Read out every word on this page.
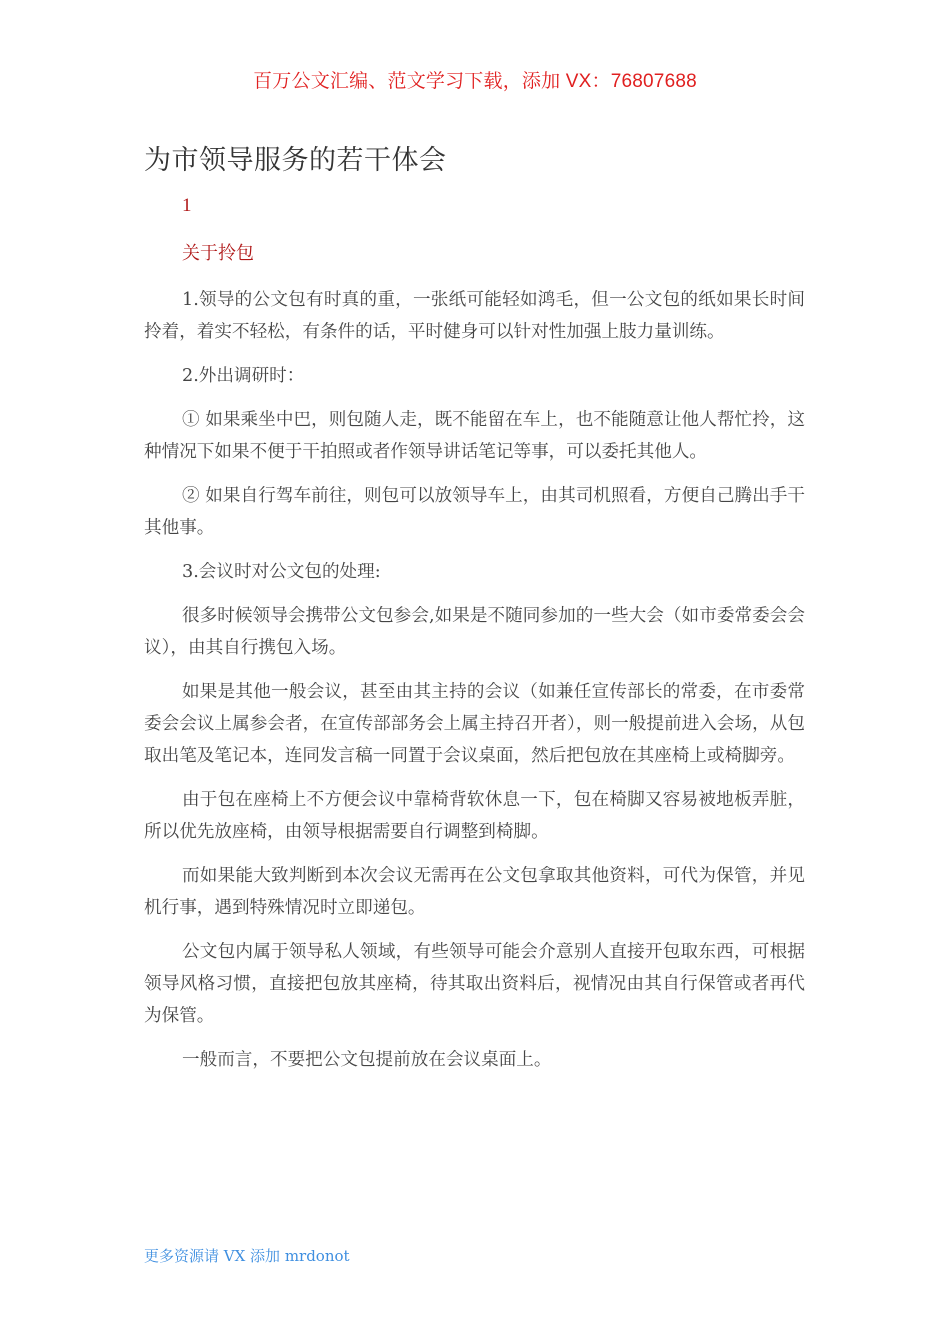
百万公文汇编、范文学习下载，添加 VX：76807688
为市领导服务的若干体会
1
关于拎包

1.领导的公文包有时真的重，一张纸可能轻如鸿毛，但一公文包的纸如果长时间拎着，着实不轻松，有条件的话，平时健身可以针对性加强上肢力量训练。

2.外出调研时：

① 如果乘坐中巴，则包随人走，既不能留在车上，也不能随意让他人帮忙拎，这种情况下如果不便于干拍照或者作领导讲话笔记等事，可以委托其他人。

② 如果自行驾车前往，则包可以放领导车上，由其司机照看，方便自己腾出手干其他事。

3.会议时对公文包的处理:

很多时候领导会携带公文包参会,如果是不随同参加的一些大会（如市委常委会会议），由其自行携包入场。

如果是其他一般会议，甚至由其主持的会议（如兼任宣传部长的常委，在市委常委会会议上属参会者，在宣传部部务会上属主持召开者），则一般提前进入会场，从包取出笔及笔记本，连同发言稿一同置于会议桌面，然后把包放在其座椅上或椅脚旁。

由于包在座椅上不方便会议中靠椅背软休息一下，包在椅脚又容易被地板弄脏，所以优先放座椅，由领导根据需要自行调整到椅脚。

而如果能大致判断到本次会议无需再在公文包拿取其他资料，可代为保管，并见机行事，遇到特殊情况时立即递包。

公文包内属于领导私人领域，有些领导可能会介意别人直接开包取东西，可根据领导风格习惯，直接把包放其座椅，待其取出资料后，视情况由其自行保管或者再代为保管。

一般而言，不要把公文包提前放在会议桌面上。

更多资源请 VX 添加 mrdonot
